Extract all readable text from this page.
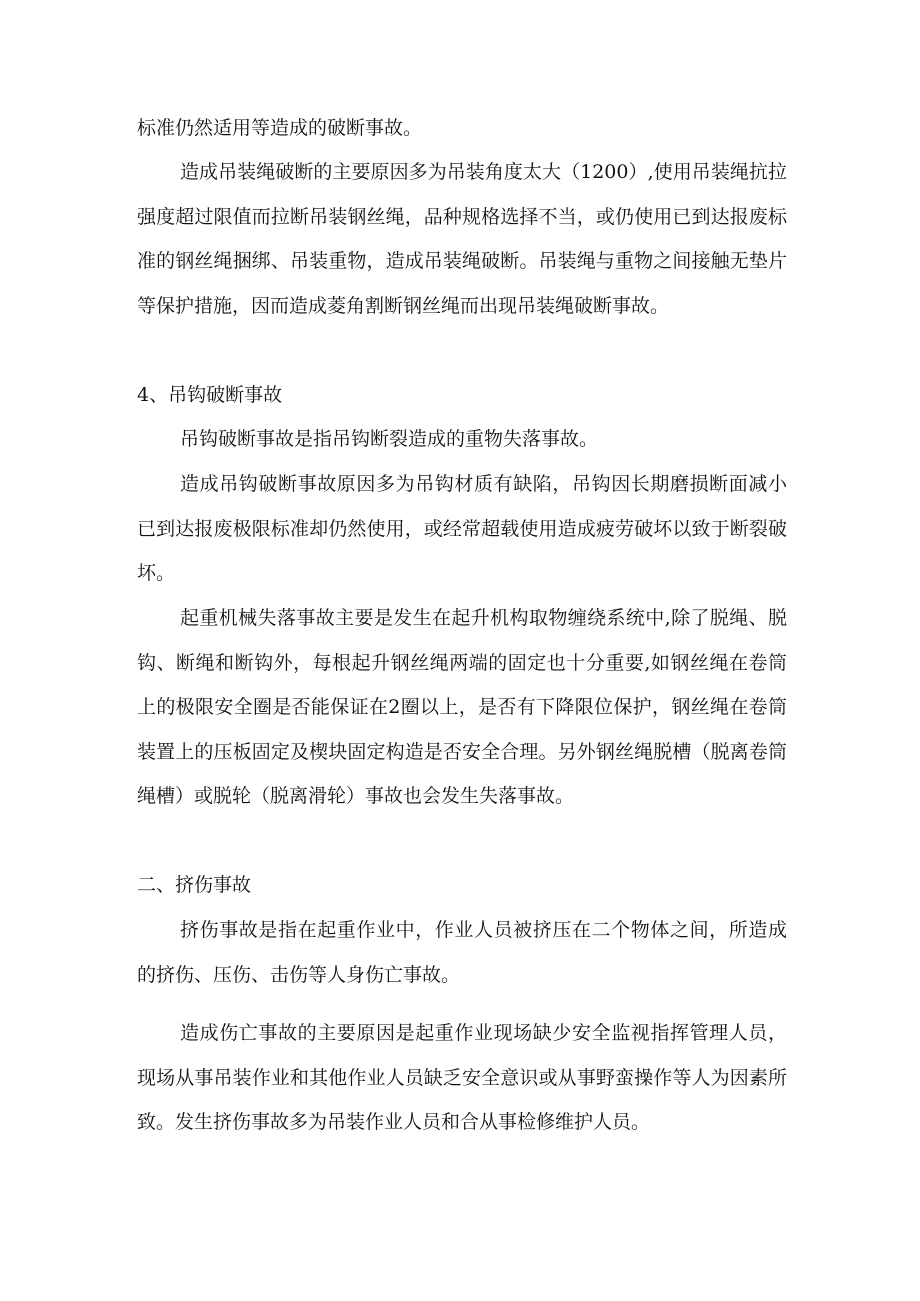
标准仍然适用等造成的破断事故。

造成吊装绳破断的主要原因多为吊装角度太大（1200）,使用吊装绳抗拉强度超过限值而拉断吊装钢丝绳，品种规格选择不当，或仍使用已到达报废标准的钢丝绳捆绑、吊装重物，造成吊装绳破断。吊装绳与重物之间接触无垫片等保护措施，因而造成菱角割断钢丝绳而出现吊装绳破断事故。

4、吊钩破断事故

吊钩破断事故是指吊钩断裂造成的重物失落事故。

造成吊钩破断事故原因多为吊钩材质有缺陷，吊钩因长期磨损断面减小已到达报废极限标准却仍然使用，或经常超载使用造成疲劳破坏以致于断裂破坏。

起重机械失落事故主要是发生在起升机构取物缠绕系统中,除了脱绳、脱钩、断绳和断钩外，每根起升钢丝绳两端的固定也十分重要,如钢丝绳在卷筒上的极限安全圈是否能保证在2圈以上，是否有下降限位保护，钢丝绳在卷筒装置上的压板固定及楔块固定构造是否安全合理。另外钢丝绳脱槽（脱离卷筒绳槽）或脱轮（脱离滑轮）事故也会发生失落事故。

二、挤伤事故

挤伤事故是指在起重作业中，作业人员被挤压在二个物体之间，所造成的挤伤、压伤、击伤等人身伤亡事故。

造成伤亡事故的主要原因是起重作业现场缺少安全监视指挥管理人员，现场从事吊装作业和其他作业人员缺乏安全意识或从事野蛮操作等人为因素所致。发生挤伤事故多为吊装作业人员和合从事检修维护人员。
